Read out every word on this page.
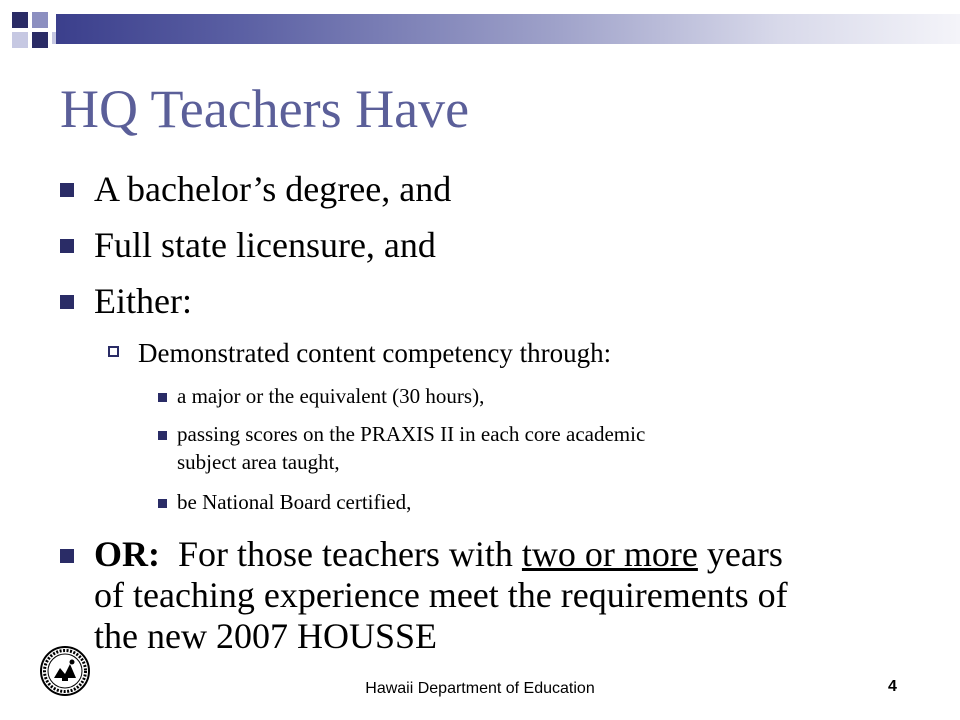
HQ Teachers Have
A bachelor’s degree, and
Full state licensure, and
Either:
Demonstrated content competency through:
a major or the equivalent (30 hours),
passing scores on the PRAXIS II in each core academic
subject area taught,
be National Board certified,
OR: For those teachers with two or more years
of teaching experience meet the requirements of
the new 2007 HOUSSE
Hawaii Department of Education	4
